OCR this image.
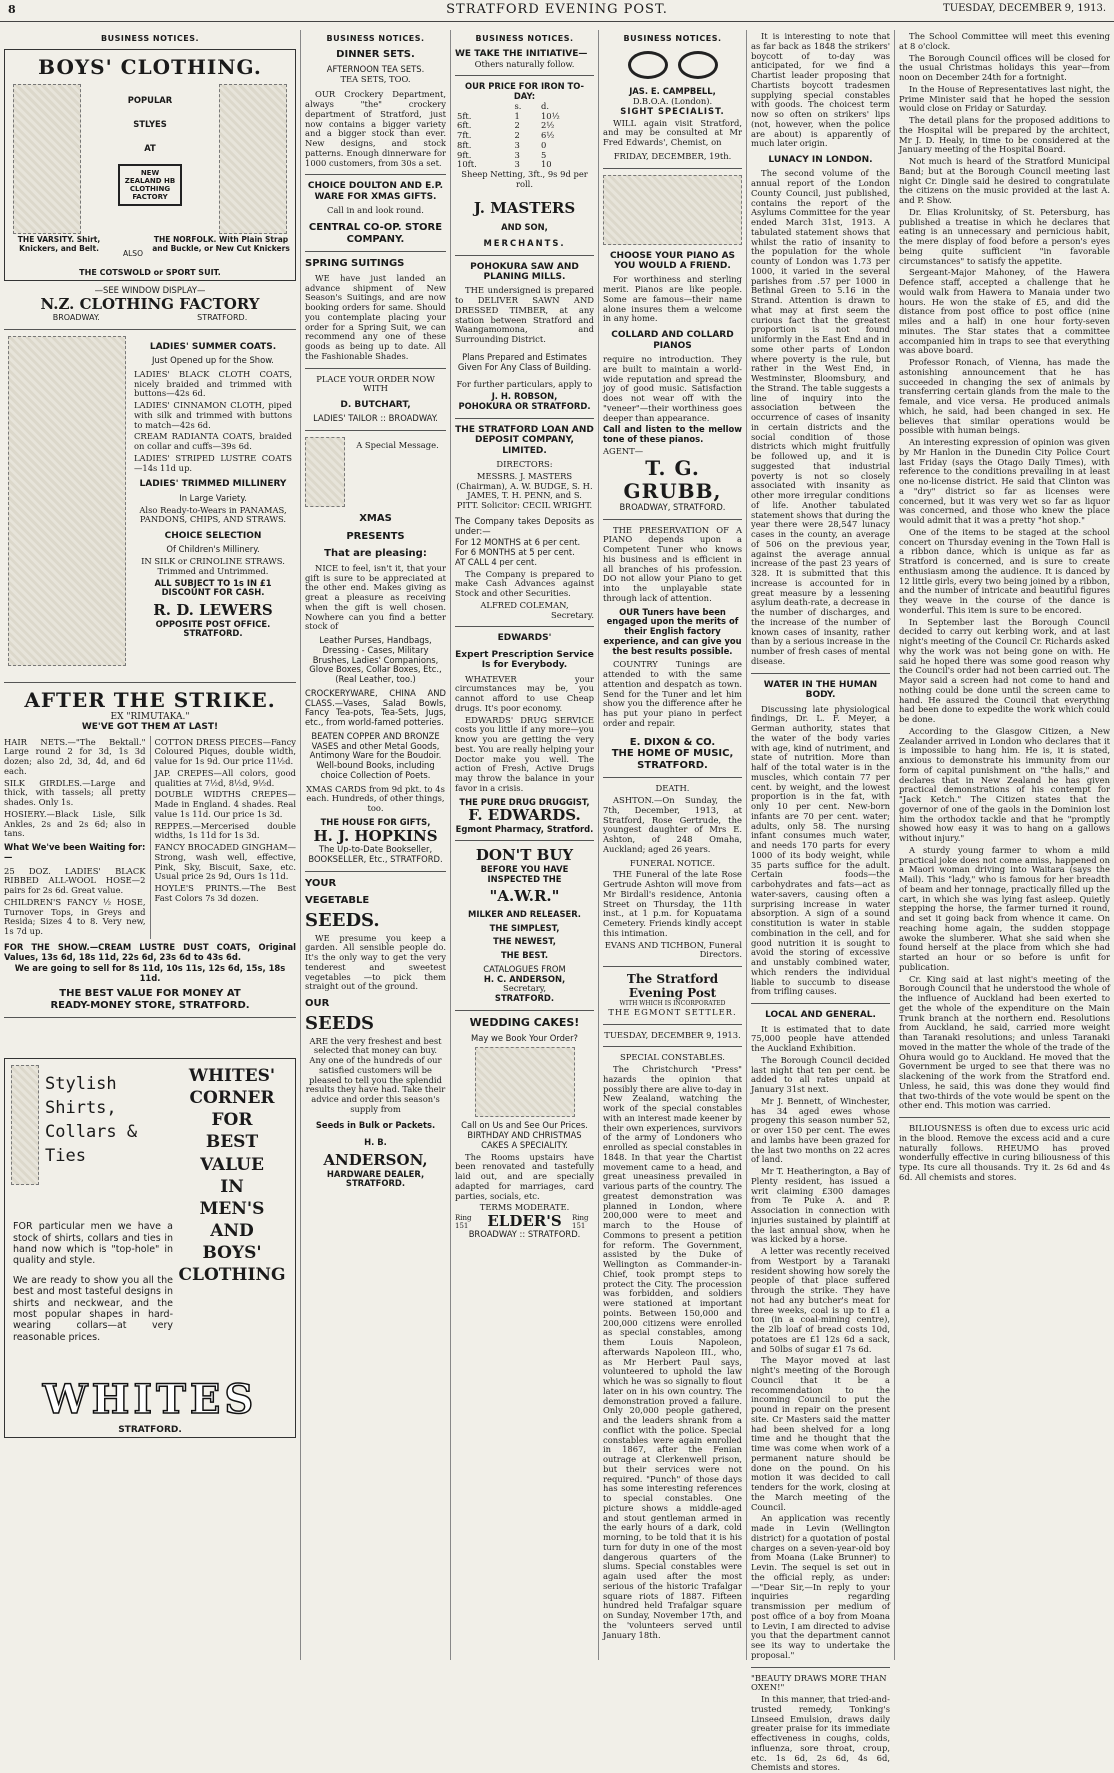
8	STRATFORD EVENING POST.	TUESDAY, DECEMBER 9, 1913.
BUSINESS NOTICES.
BOYS' CLOTHING.
POPULAR
STLYES
AT
NEW ZEALAND HB CLOTHING FACTORY
THE VARSITY. Shirt, Knickers, and Belt.
ALSO
THE NORFOLK. With Plain Strap and Buckle, or New Cut Knickers
THE COTSWOLD or SPORT SUIT.
—SEE WINDOW DISPLAY—
N.Z. CLOTHING FACTORY
BROADWAY.	STRATFORD.
LADIES' SUMMER COATS.
Just Opened up for the Show.

LADIES' BLACK CLOTH COATS, nicely braided and trimmed with buttons—42s 6d.

LADIES' CINNAMON CLOTH, piped with silk and trimmed with buttons to match—42s 6d.

CREAM RADIANTA COATS, braided on collar and cuffs—39s 6d.

LADIES' STRIPED LUSTRE COATS —14s 11d up.

LADIES' TRIMMED MILLINERY
In Large Variety.

Also Ready-to-Wears in PANAMAS, PANDONS, CHIPS, AND STRAWS.

CHOICE SELECTION
Of Children's Millinery.

IN SILK or CRINOLINE STRAWS. Trimmed and Untrimmed.

ALL SUBJECT TO 1s IN £1 DISCOUNT FOR CASH.

R. D. LEWERS
OPPOSITE POST OFFICE.
STRATFORD.
AFTER THE STRIKE.
EX "RIMUTAKA."
WE'VE GOT THEM AT LAST!

HAIR NETS.—"The Bektall." Large round 2 for 3d, 1s 3d dozen; also 2d, 3d, 4d, and 6d each.

SILK GIRDLES.—Large and thick, with tassels; all pretty shades. Only 1s.

HOSIERY.—Black Lisle, Silk Ankles, 2s and 2s 6d; also in tans.

What We've been Waiting for:—

25 DOZ. LADIES' BLACK RIBBED ALL-WOOL HOSE—2 pairs for 2s 6d. Great value.

CHILDREN'S FANCY ½ HOSE, Turnover Tops, in Greys and Resida; Sizes 4 to 8. Very new, 1s 7d up.

COTTON DRESS PIECES—Fancy Coloured Piques, double width, value for 1s 9d. Our price 11½d.

JAP. CREPES—All colors, good qualities at 7½d, 8½d, 9½d.

DOUBLE WIDTHS CREPES—Made in England. 4 shades. Real value 1s 11d. Our price 1s 3d.

REPPES.—Mercerised double widths, 1s 11d for 1s 3d.

FANCY BROCADED GINGHAM—Strong, wash well, effective, Pink, Sky, Biscuit, Saxe, etc. Usual price 2s 9d, Ours 1s 11d.

HOYLE'S PRINTS.—The Best Fast Colors 7s 3d dozen.

FOR THE SHOW.—CREAM LUSTRE DUST COATS, Original Values, 13s 6d, 18s 11d, 22s 6d, 23s 6d to 43s 6d.

We are going to sell for 8s 11d, 10s 11s, 12s 6d, 15s, 18s 11d.

THE BEST VALUE FOR MONEY AT
READY-MONEY STORE, STRATFORD.
Stylish Shirts, Collars & Ties
WHITES'
CORNER
FOR
BEST
VALUE
IN
MEN'S
AND
BOYS'
CLOTHING

FOR particular men we have a stock of shirts, collars and ties in hand now which is "top-hole" in quality and style.

We are ready to show you all the best and most tasteful designs in shirts and neckwear, and the most popular shapes in hard-wearing collars—at very reasonable prices.

WHITES
STRATFORD.
BUSINESS NOTICES.
DINNER SETS.
AFTERNOON TEA SETS.
TEA SETS, TOO.

OUR Crockery Department, always "the" crockery department of Stratford, just now contains a bigger variety and a bigger stock than ever. New designs, and stock patterns. Enough dinnerware for 1000 customers, from 30s a set.

CHOICE DOULTON AND E.P. WARE FOR XMAS GIFTS.
Call in and look round.
CENTRAL CO-OP. STORE COMPANY.
SPRING SUITINGS

WE have just landed an advance shipment of New Season's Suitings, and are now booking orders for same. Should you contemplate placing your order for a Spring Suit, we can recommend any one of these goods as being up to date. All the Fashionable Shades.

PLACE YOUR ORDER NOW WITH
D. BUTCHART,
LADIES' TAILOR :: BROADWAY.
A Special Message.
XMAS
PRESENTS
That are pleasing:

NICE to feel, isn't it, that your gift is sure to be appreciated at the other end. Makes giving as great a pleasure as receiving when the gift is well chosen. Nowhere can you find a better stock of

Leather Purses, Handbags, Dressing - Cases, Military Brushes, Ladies' Companions, Glove Boxes, Collar Boxes, Etc., (Real Leather, too.)

CROCKERYWARE, CHINA AND CLASS.—Vases, Salad Bowls, Fancy Tea-pots, Tea-Sets, Jugs, etc., from world-famed potteries.

BEATEN COPPER AND BRONZE VASES and other Metal Goods, Antimony Ware for the Boudoir. Well-bound Books, including choice Collection of Poets.

XMAS CARDS from 9d pkt. to 4s each. Hundreds, of other things, too.

THE HOUSE FOR GIFTS,
H. J. HOPKINS
The Up-to-Date Bookseller, BOOKSELLER, Etc., STRATFORD.
YOUR
VEGETABLE
SEEDS.

WE presume you keep a garden. All sensible people do. It's the only way to get the very tenderest and sweetest vegetables —to pick them straight out of the ground.

OUR
SEEDS

ARE the very freshest and best selected that money can buy. Any one of the hundreds of our satisfied customers will be pleased to tell you the splendid results they have had. Take their advice and order this season's supply from

Seeds in Bulk or Packets.
H. B.
ANDERSON,
HARDWARE DEALER,
STRATFORD.
BUSINESS NOTICES.
WE TAKE THE INITIATIVE—
Others naturally follow.
OUR PRICE FOR IRON TO-DAY:
	s.	d.
5ft.	1	10½
6ft.	2	2½
7ft.	2	6½
8ft.	3	0
9ft.	3	5
10ft.	3	10
Sheep Netting, 3ft., 9s 9d per roll.
J. MASTERS
AND SON,
MERCHANTS.
POHOKURA SAW AND PLANING MILLS.

THE undersigned is prepared to DELIVER SAWN AND DRESSED TIMBER, at any station between Stratford and Waangamomona, and Surrounding District.

Plans Prepared and Estimates Given For Any Class of Building.

For further particulars, apply to

J. H. ROBSON,
POHOKURA OR STRATFORD.
THE STRATFORD LOAN AND DEPOSIT COMPANY, LIMITED.
DIRECTORS:

MESSRS. J. MASTERS (Chairman), A. W. BUDGE, S. H. JAMES, T. H. PENN, and S. PITT. Solicitor: CECIL WRIGHT.

The Company takes Deposits as under:—

For 12 MONTHS at 6 per cent.
For 6 MONTHS at 5 per cent.
AT CALL 4 per cent.

The Company is prepared to make Cash Advances against Stock and other Securities.

ALFRED COLEMAN,
Secretary.
EDWARDS'
Expert Prescription Service Is for Everybody.

WHATEVER your circumstances may be, you cannot afford to use Cheap drugs. It's poor economy.

EDWARDS' DRUG SERVICE costs you little if any more—you know you are getting the very best. You are really helping your Doctor make you well. The action of Fresh, Active Drugs may throw the balance in your favor in a crisis.

THE PURE DRUG DRUGGIST,
F. EDWARDS.
Egmont Pharmacy, Stratford.
DON'T BUY
BEFORE YOU HAVE INSPECTED THE
"A.W.R."
MILKER AND RELEASER.
THE SIMPLEST,
THE NEWEST,
THE BEST.
CATALOGUES FROM
H. C. ANDERSON,
Secretary,
STRATFORD.
WEDDING CAKES!
May we Book Your Order?

Call on Us and See Our Prices. BIRTHDAY AND CHRISTMAS CAKES A SPECIALITY.

The Rooms upstairs have been renovated and tastefully laid out, and are specially adapted for marriages, card parties, socials, etc.

TERMS MODERATE.
Ring 151	ELDER'S Ring 151
BROADWAY :: STRATFORD.
BUSINESS NOTICES.
JAS. E. CAMPBELL,
D.B.O.A. (London).
SIGHT SPECIALIST.

WILL again visit Stratford, and may be consulted at Mr Fred Edwards', Chemist, on

FRIDAY, DECEMBER, 19th.
CHOOSE YOUR PIANO AS YOU WOULD A FRIEND.

For worthiness and sterling merit. Pianos are like people. Some are famous—their name alone insures them a welcome in any home.

COLLARD AND COLLARD PIANOS

require no introduction. They are built to maintain a world-wide reputation and spread the joy of good music. Satisfaction does not wear off with the "veneer"—their worthiness goes deeper than appearance.

Call and listen to the mellow tone of these pianos.

AGENT—
T. G. GRUBB,
BROADWAY, STRATFORD.

THE PRESERVATION OF A PIANO depends upon a Competent Tuner who knows his business and is efficient in all branches of his profession. DO not allow your Piano to get into the unplayable state through lack of attention.

OUR Tuners have been engaged upon the merits of their English factory experience, and can give you the best results possible.

COUNTRY Tunings are attended to with the same attention and despatch as town. Send for the Tuner and let him show you the difference after he has put your piano in perfect order and repair.

E. DIXON & CO.
THE HOME OF MUSIC,
STRATFORD.
DEATH.

ASHTON.—On Sunday, the 7th, December, 1913, at Stratford, Rose Gertrude, the youngest daughter of Mrs E. Ashton, of 248 Omaha, Auckland; aged 26 years.

FUNERAL NOTICE.

THE Funeral of the late Rose Gertrude Ashton will move from Mr Birdall's residence, Antonia Street on Thursday, the 11th inst., at 1 p.m. for Kopuatama Cemetery. Friends kindly accept this intimation.

EVANS AND TICHBON, Funeral Directors.
The Stratford Evening Post
WITH WHICH IS INCORPORATED
THE EGMONT SETTLER.
TUESDAY, DECEMBER 9, 1913.
SPECIAL CONSTABLES.

The Christchurch "Press" hazards the opinion that possibly there are alive to-day in New Zealand, watching the work of the special constables with an interest made keener by their own experiences, survivors of the army of Londoners who enrolled as special constables in 1848. In that year the Chartist movement came to a head, and great uneasiness prevailed in various parts of the country. The greatest demonstration was planned in London, where 200,000 were to meet and march to the House of Commons to present a petition for reform. The Government, assisted by the Duke of Wellington as Commander-in-Chief, took prompt steps to protect the City. The procession was forbidden, and soldiers were stationed at important points. Between 150,000 and 200,000 citizens were enrolled as special constables, among them Louis Napoleon, afterwards Napoleon III., who, as Mr Herbert Paul says, volunteered to uphold the law which he was so signally to flout later on in his own country. The demonstration proved a failure. Only 20,000 people gathered, and the leaders shrank from a conflict with the police. Special constables were again enrolled in 1867, after the Fenian outrage at Clerkenwell prison, but their services were not required. "Punch" of those days has some interesting references to special constables. One picture shows a middle-aged and stout gentleman armed in the early hours of a dark, cold morning, to be told that it is his turn for duty in one of the most dangerous quarters of the slums. Special constables were again used after the most serious of the historic Trafalgar square riots of 1887. Fifteen hundred held Trafalgar square on Sunday, November 17th, and the 'volunteers served until January 18th.

It is interesting to note that as far back as 1848 the strikers' boycott of to-day was anticipated, for we find a Chartist leader proposing that Chartists boycott tradesmen supplying special constables with goods. The choicest term now so often on strikers' lips (not, however, when the police are about) is apparently of much later origin.

LUNACY IN LONDON.

The second volume of the annual report of the London County Council, just published, contains the report of the Asylums Committee for the year ended March 31st, 1913. A tabulated statement shows that whilst the ratio of insanity to the population for the whole county of London was 1.73 per 1000, it varied in the several parishes from .57 per 1000 in Bethnal Green to 5.16 in the Strand. Attention is drawn to what may at first seem the curious fact that the greatest proportion is not found uniformly in the East End and in some other parts of London where poverty is the rule, but rather in the West End, in Westminster, Bloomsbury, and the Strand. The table suggests a line of inquiry into the association between the occurrence of cases of insanity in certain districts and the social condition of those districts which might fruitfully be followed up, and it is suggested that industrial poverty is not so closely associated with insanity as other more irregular conditions of life. Another tabulated statement shows that during the year there were 28,547 lunacy cases in the county, an average of 506 on the previous year, against the average annual increase of the past 23 years of 328. It is submitted that this increase is accounted for in great measure by a lessening asylum death-rate, a decrease in the number of discharges, and the increase of the number of known cases of insanity, rather than by a serious increase in the number of fresh cases of mental disease.

WATER IN THE HUMAN BODY.

Discussing late physiological findings, Dr. L. F. Meyer, a German authority, states that the water of the body varies with age, kind of nutriment, and state of nutrition. More than half of the total water is in the muscles, which contain 77 per cent. by weight, and the lowest proportion is in the fat, with only 10 per cent. New-born infants are 70 per cent. water; adults, only 58. The nursing infant consumes much water, and needs 170 parts for every 1000 of its body weight, while 35 parts suffice for the adult. Certain foods—the carbohydrates and fats—act as water-savers, causing often a surprising increase in water absorption. A sign of a sound constitution is water in stable combination in the cell, and for good nutrition it is sought to avoid the storing of excessive and unstably combined water, which renders the individual liable to succumb to disease from trifling causes.

LOCAL AND GENERAL.

It is estimated that to date 75,000 people have attended the Auckland Exhibition.

The Borough Council decided last night that ten per cent. be added to all rates unpaid at January 31st next.

Mr J. Bennett, of Winchester, has 34 aged ewes whose progeny this season number 52, or over 150 per cent. The ewes and lambs have been grazed for the last two months on 22 acres of land.

Mr T. Heatherington, a Bay of Plenty resident, has issued a writ claiming £300 damages from Te Puke A. and P. Association in connection with injuries sustained by plaintiff at the last annual show, when he was kicked by a horse.

A letter was recently received from Westport by a Taranaki resident showing how sorely the people of that place suffered through the strike. They have not had any butcher's meat for three weeks, coal is up to £1 a ton (in a coal-mining centre), the 2lb loaf of bread costs 10d, potatoes are £1 12s 6d a sack, and 50lbs of sugar £1 7s 6d.

The Mayor moved at last night's meeting of the Borough Council that it be a recommendation to the incoming Council to put the pound in repair on the present site. Cr Masters said the matter had been shelved for a long time and he thought that the time was come when work of a permanent nature should be done on the pound. On his motion it was decided to call tenders for the work, closing at the March meeting of the Council.

An application was recently made in Levin (Wellington district) for a quotation of postal charges on a seven-year-old boy from Moana (Lake Brunner) to Levin. The sequel is set out in the official reply, as under:—"Dear Sir,—In reply to your inquiries regarding transmission per medium of post office of a boy from Moana to Levin, I am directed to advise you that the department cannot see its way to undertake the proposal."

"BEAUTY DRAWS MORE THAN OXEN!"

In this manner, that tried-and-trusted remedy, Tonking's Linseed Emulsion, draws daily greater praise for its immediate effectiveness in coughs, colds, influenza, sore throat, croup, etc. 1s 6d, 2s 6d, 4s 6d, Chemists and stores.

The School Committee will meet this evening at 8 o'clock.

The Borough Council offices will be closed for the usual Christmas holidays this year—from noon on December 24th for a fortnight.

In the House of Representatives last night, the Prime Minister said that he hoped the session would close on Friday or Saturday.

The detail plans for the proposed additions to the Hospital will be prepared by the architect, Mr J. D. Healy, in time to be considered at the January meeting of the Hospital Board.

Not much is heard of the Stratford Municipal Band; but at the Borough Council meeting last night Cr. Dingle said he desired to congratulate the citizens on the music provided at the last A. and P. Show.

Dr. Elias Krolunitsky, of St. Petersburg, has published a treatise in which he declares that eating is an unnecessary and pernicious habit, the mere display of food before a person's eyes being quite sufficient "in favorable circumstances" to satisfy the appetite.

Sergeant-Major Mahoney, of the Hawera Defence staff, accepted a challenge that he would walk from Hawera to Manaia under two hours. He won the stake of £5, and did the distance from post office to post office (nine miles and a half) in one hour forty-seven minutes. The Star states that a committee accompanied him in traps to see that everything was above board.

Professor Ronach, of Vienna, has made the astonishing announcement that he has succeeded in changing the sex of animals by transferring certain glands from the male to the female, and vice versa. He produced animals which, he said, had been changed in sex. He believes that similar operations would be possible with human beings.

An interesting expression of opinion was given by Mr Hanlon in the Dunedin City Police Court last Friday (says the Otago Daily Times), with reference to the conditions prevailing in at least one no-license district. He said that Clinton was a "dry" district so far as licenses were concerned, but it was very wet so far as liquor was concerned, and those who knew the place would admit that it was a pretty "hot shop."

One of the items to be staged at the school concert on Thursday evening in the Town Hall is a ribbon dance, which is unique as far as Stratford is concerned, and is sure to create enthusiasm among the audience. It is danced by 12 little girls, every two being joined by a ribbon, and the number of intricate and beautiful figures they weave in the course of the dance is wonderful. This item is sure to be encored.

In September last the Borough Council decided to carry out kerbing work, and at last night's meeting of the Council Cr. Richards asked why the work was not being gone on with. He said he hoped there was some good reason why the Council's order had not been carried out. The Mayor said a screen had not come to hand and nothing could be done until the screen came to hand. He assured the Council that everything had been done to expedite the work which could be done.

According to the Glasgow Citizen, a New Zealander arrived in London who declares that it is impossible to hang him. He is, it is stated, anxious to demonstrate his immunity from our form of capital punishment on "the halls," and declares that in New Zealand he has given practical demonstrations of his contempt for "Jack Ketch." The Citizen states that the governor of one of the gaols in the Dominion lost him the orthodox tackle and that he "promptly showed how easy it was to hang on a gallows without injury."

A sturdy young farmer to whom a mild practical joke does not come amiss, happened on a Maori woman driving into Waitara (says the Mail). This "lady," who is famous for her breadth of beam and her tonnage, practically filled up the cart, in which she was lying fast asleep. Quietly stepping the horse, the farmer turned it round, and set it going back from whence it came. On reaching home again, the sudden stoppage awoke the slumberer. What she said when she found herself at the place from which she had started an hour or so before is unfit for publication.

Cr. King said at last night's meeting of the Borough Council that he understood the whole of the influence of Auckland had been exerted to get the whole of the expenditure on the Main Trunk branch at the northern end. Resolutions from Auckland, he said, carried more weight than Taranaki resolutions; and unless Taranaki moved in the matter the whole of the trade of the Ohura would go to Auckland. He moved that the Government be urged to see that there was no slackening of the work from the Stratford end. Unless, he said, this was done they would find that two-thirds of the vote would be spent on the other end. This motion was carried.

BILIOUSNESS is often due to excess uric acid in the blood. Remove the excess acid and a cure naturally follows. RHEUMO has proved wonderfully effective in curing biliousness of this type. Its cure all thousands. Try it. 2s 6d and 4s 6d. All chemists and stores.
